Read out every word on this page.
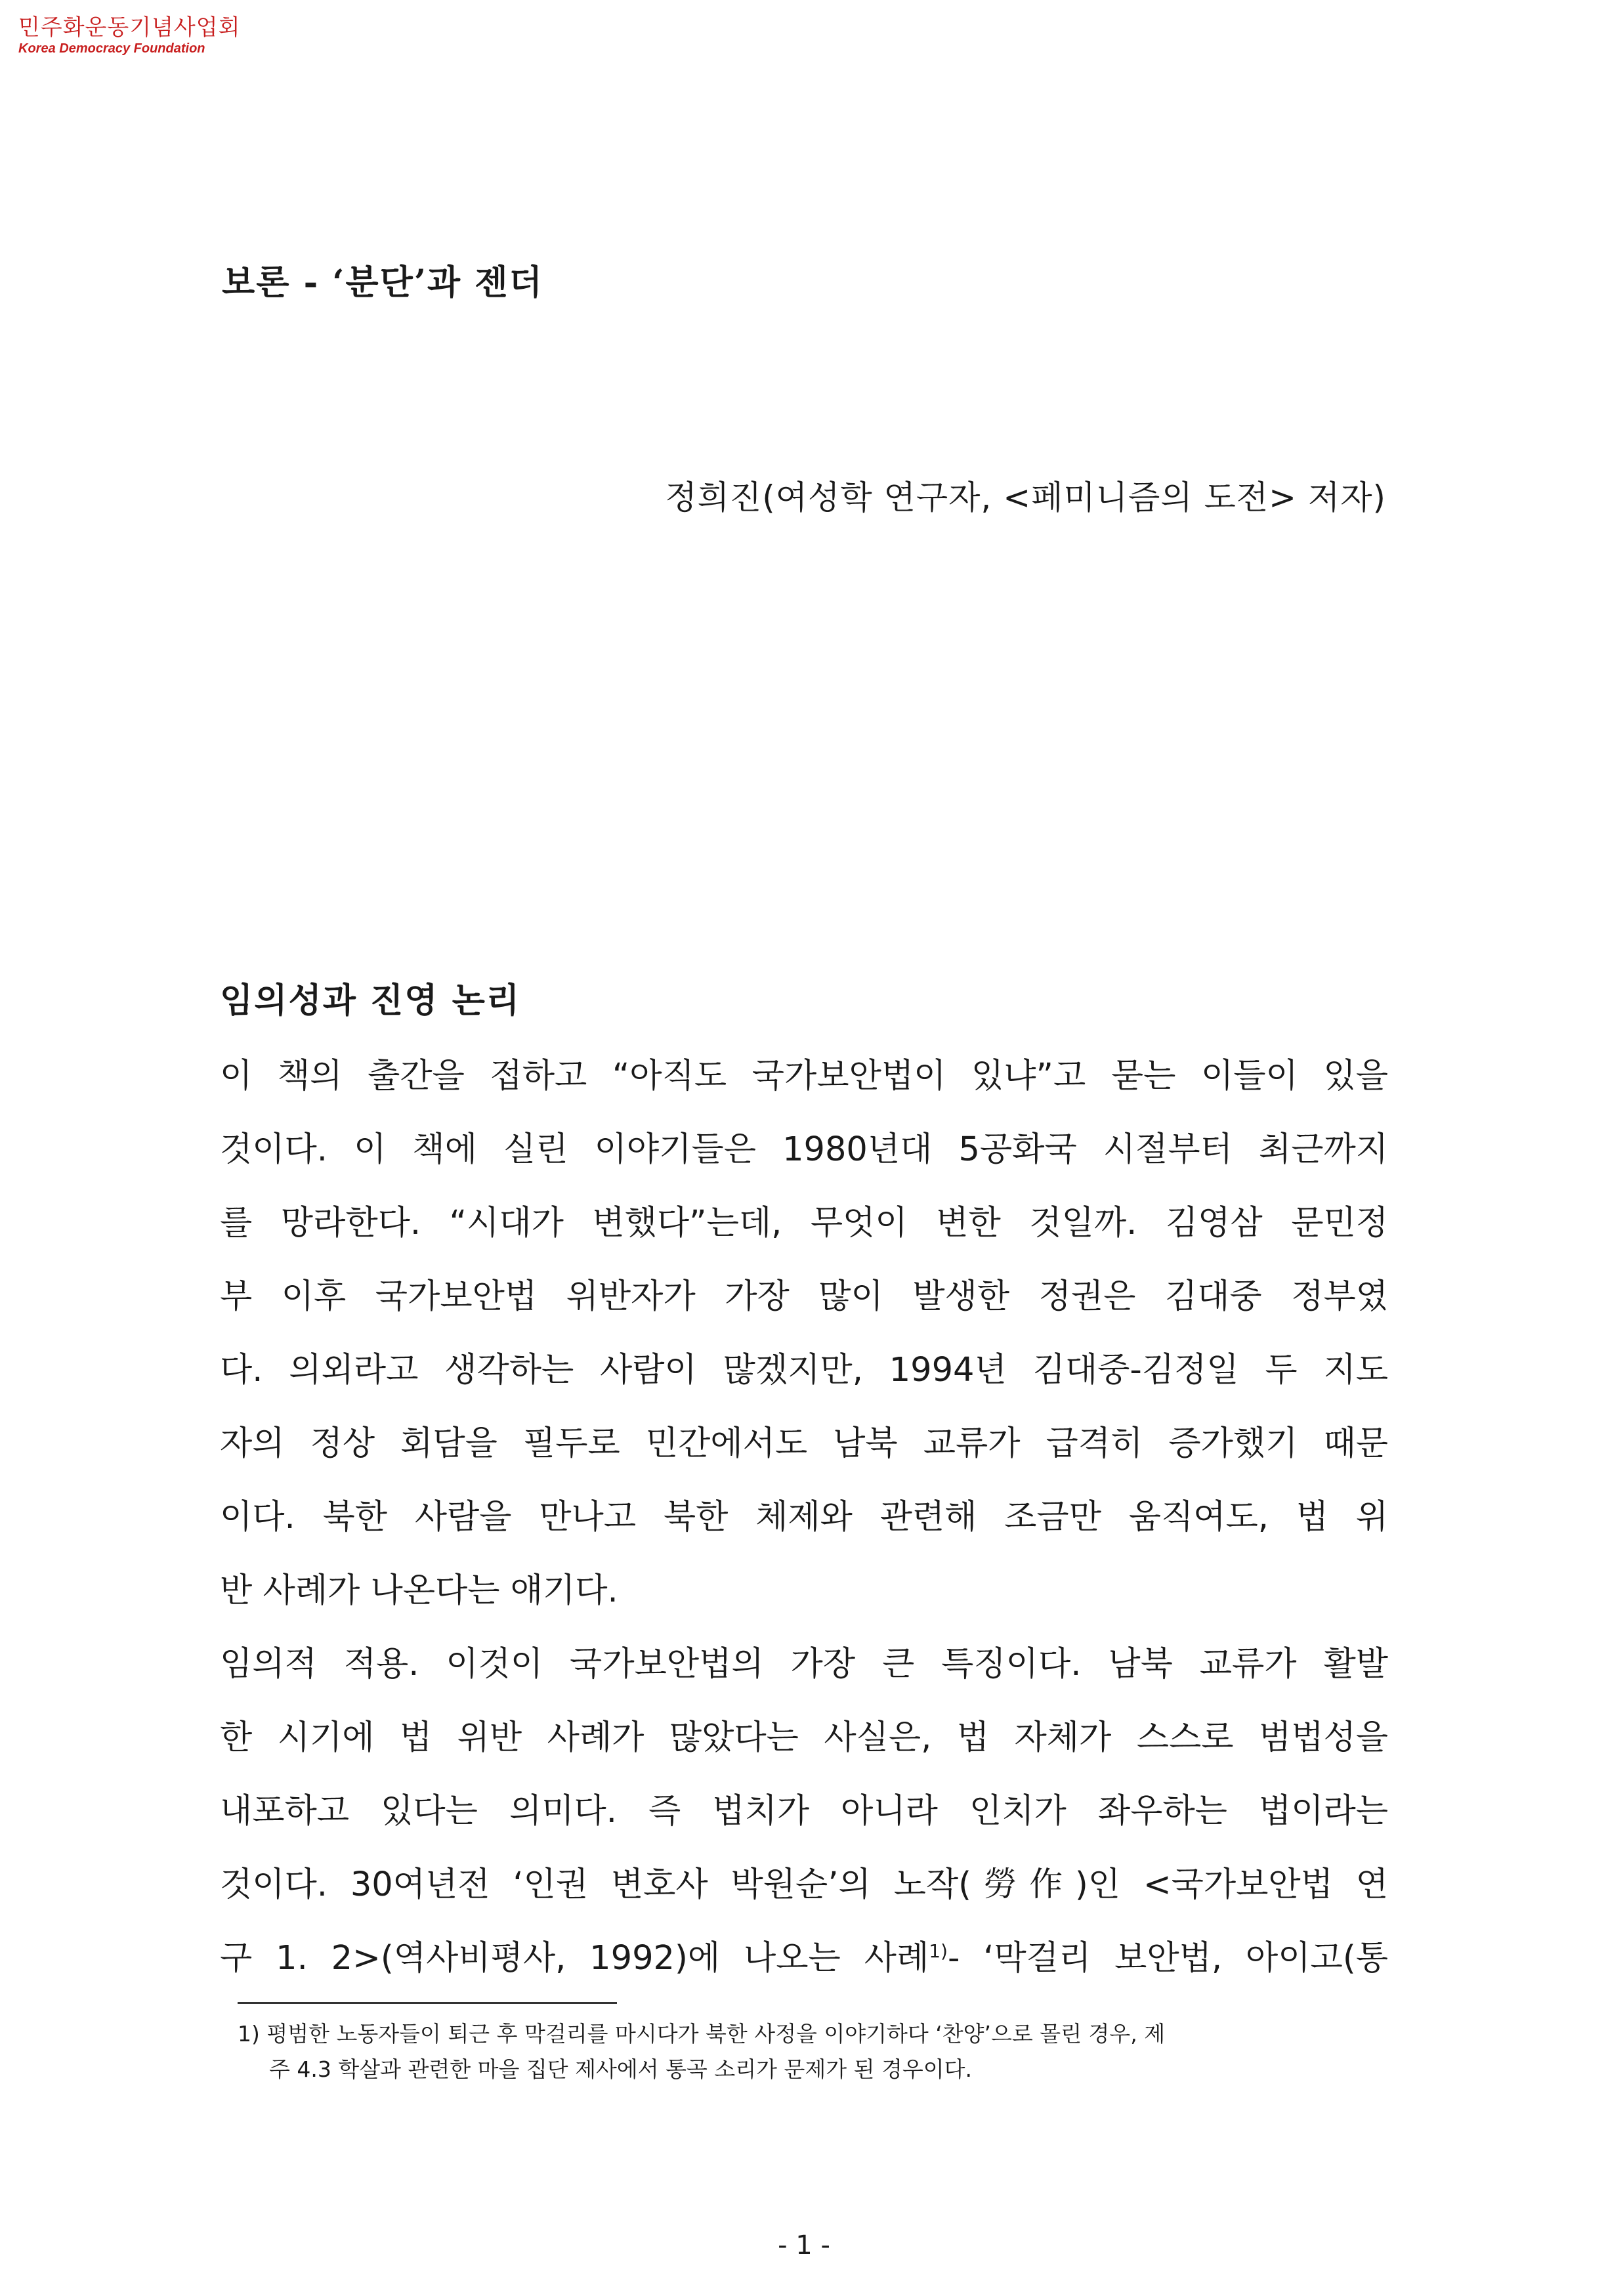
민주화운동기념사업회
Korea Democracy Foundation
보론 - ‘분단’과 젠더

정희진(여성학 연구자, <페미니즘의 도전> 저자)

임의성과 진영 논리
이 책의 출간을 접하고 “아직도 국가보안법이 있냐”고 묻는 이들이 있을
것이다. 이 책에 실린 이야기들은 1980년대 5공화국 시절부터 최근까지
를 망라한다. “시대가 변했다”는데, 무엇이 변한 것일까. 김영삼 문민정
부 이후 국가보안법 위반자가 가장 많이 발생한 정권은 김대중 정부였
다. 의외라고 생각하는 사람이 많겠지만, 1994년 김대중-김정일 두 지도
자의 정상 회담을 필두로 민간에서도 남북 교류가 급격히 증가했기 때문
이다. 북한 사람을 만나고 북한 체제와 관련해 조금만 움직여도, 법 위
반 사례가 나온다는 얘기다.
임의적 적용. 이것이 국가보안법의 가장 큰 특징이다. 남북 교류가 활발
한 시기에 법 위반 사례가 많았다는 사실은, 법 자체가 스스로 범법성을
내포하고 있다는 의미다. 즉 법치가 아니라 인치가 좌우하는 법이라는
것이다. 30여년전 ‘인권 변호사 박원순’의 노작(勞作)인 <국가보안법 연
구 1. 2>(역사비평사, 1992)에 나오는 사례$^{1)}$- ‘막걸리 보안법, 아이고(통
1) 평범한 노동자들이 퇴근 후 막걸리를 마시다가 북한 사정을 이야기하다 ‘찬양’으로 몰린 경우, 제
주 4.3 학살과 관련한 마을 집단 제사에서 통곡 소리가 문제가 된 경우이다.
- 1 -
